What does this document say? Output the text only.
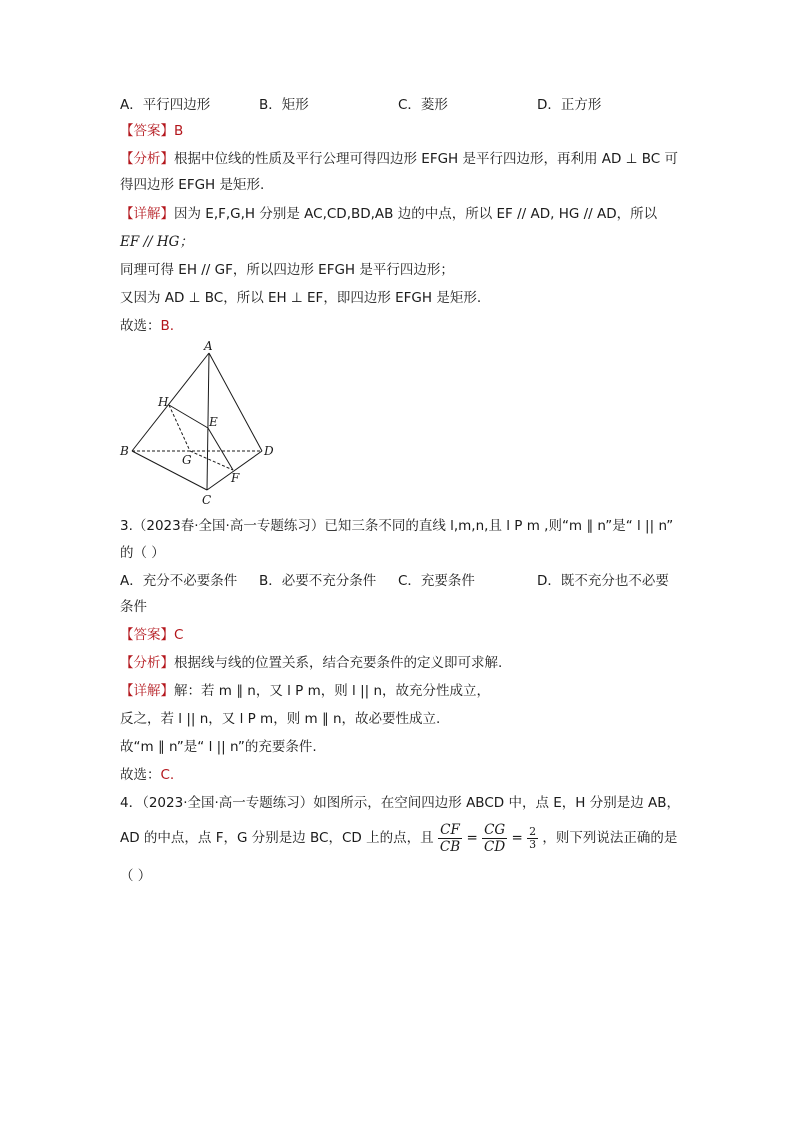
A．平行四边形	B．矩形	C．菱形	D．正方形
【答案】B
【分析】根据中位线的性质及平行公理可得四边形 EFGH 是平行四边形，再利用 AD ⊥ BC 可
得四边形 EFGH 是矩形.
【详解】因为 E,F,G,H 分别是 AC,CD,BD,AB 边的中点，所以 EF // AD, HG // AD，所以
EF // HG；
同理可得 EH // GF，所以四边形 EFGH 是平行四边形；
又因为 AD ⊥ BC，所以 EH ⊥ EF，即四边形 EFGH 是矩形.
故选：B.
A
B
C
D
E
F
G
H
3.（2023春·全国·高一专题练习）已知三条不同的直线 l,m,n,且 l P m ,则“m ∥ n”是“ l || n”
的（ ）
A．充分不必要条件 B．必要不充分条件 C．充要条件	D．既不充分也不必要
条件
【答案】C
【分析】根据线与线的位置关系，结合充要条件的定义即可求解.
【详解】解：若 m ∥ n，又 l P m，则 l || n，故充分性成立，
反之，若 l || n，又 l P m，则 m ∥ n，故必要性成立.
故“m ∥ n”是“ l || n”的充要条件.
故选：C.
4．（2023·全国·高一专题练习）如图所示，在空间四边形 ABCD 中，点 E，H 分别是边 AB，
AD 的中点，点 F，G 分别是边 BC，CD 上的点，且 $\frac{CF}{CB} = \frac{CG}{CD} = \frac{2}{3}$ ，则下列说法正确的是
（ ）
